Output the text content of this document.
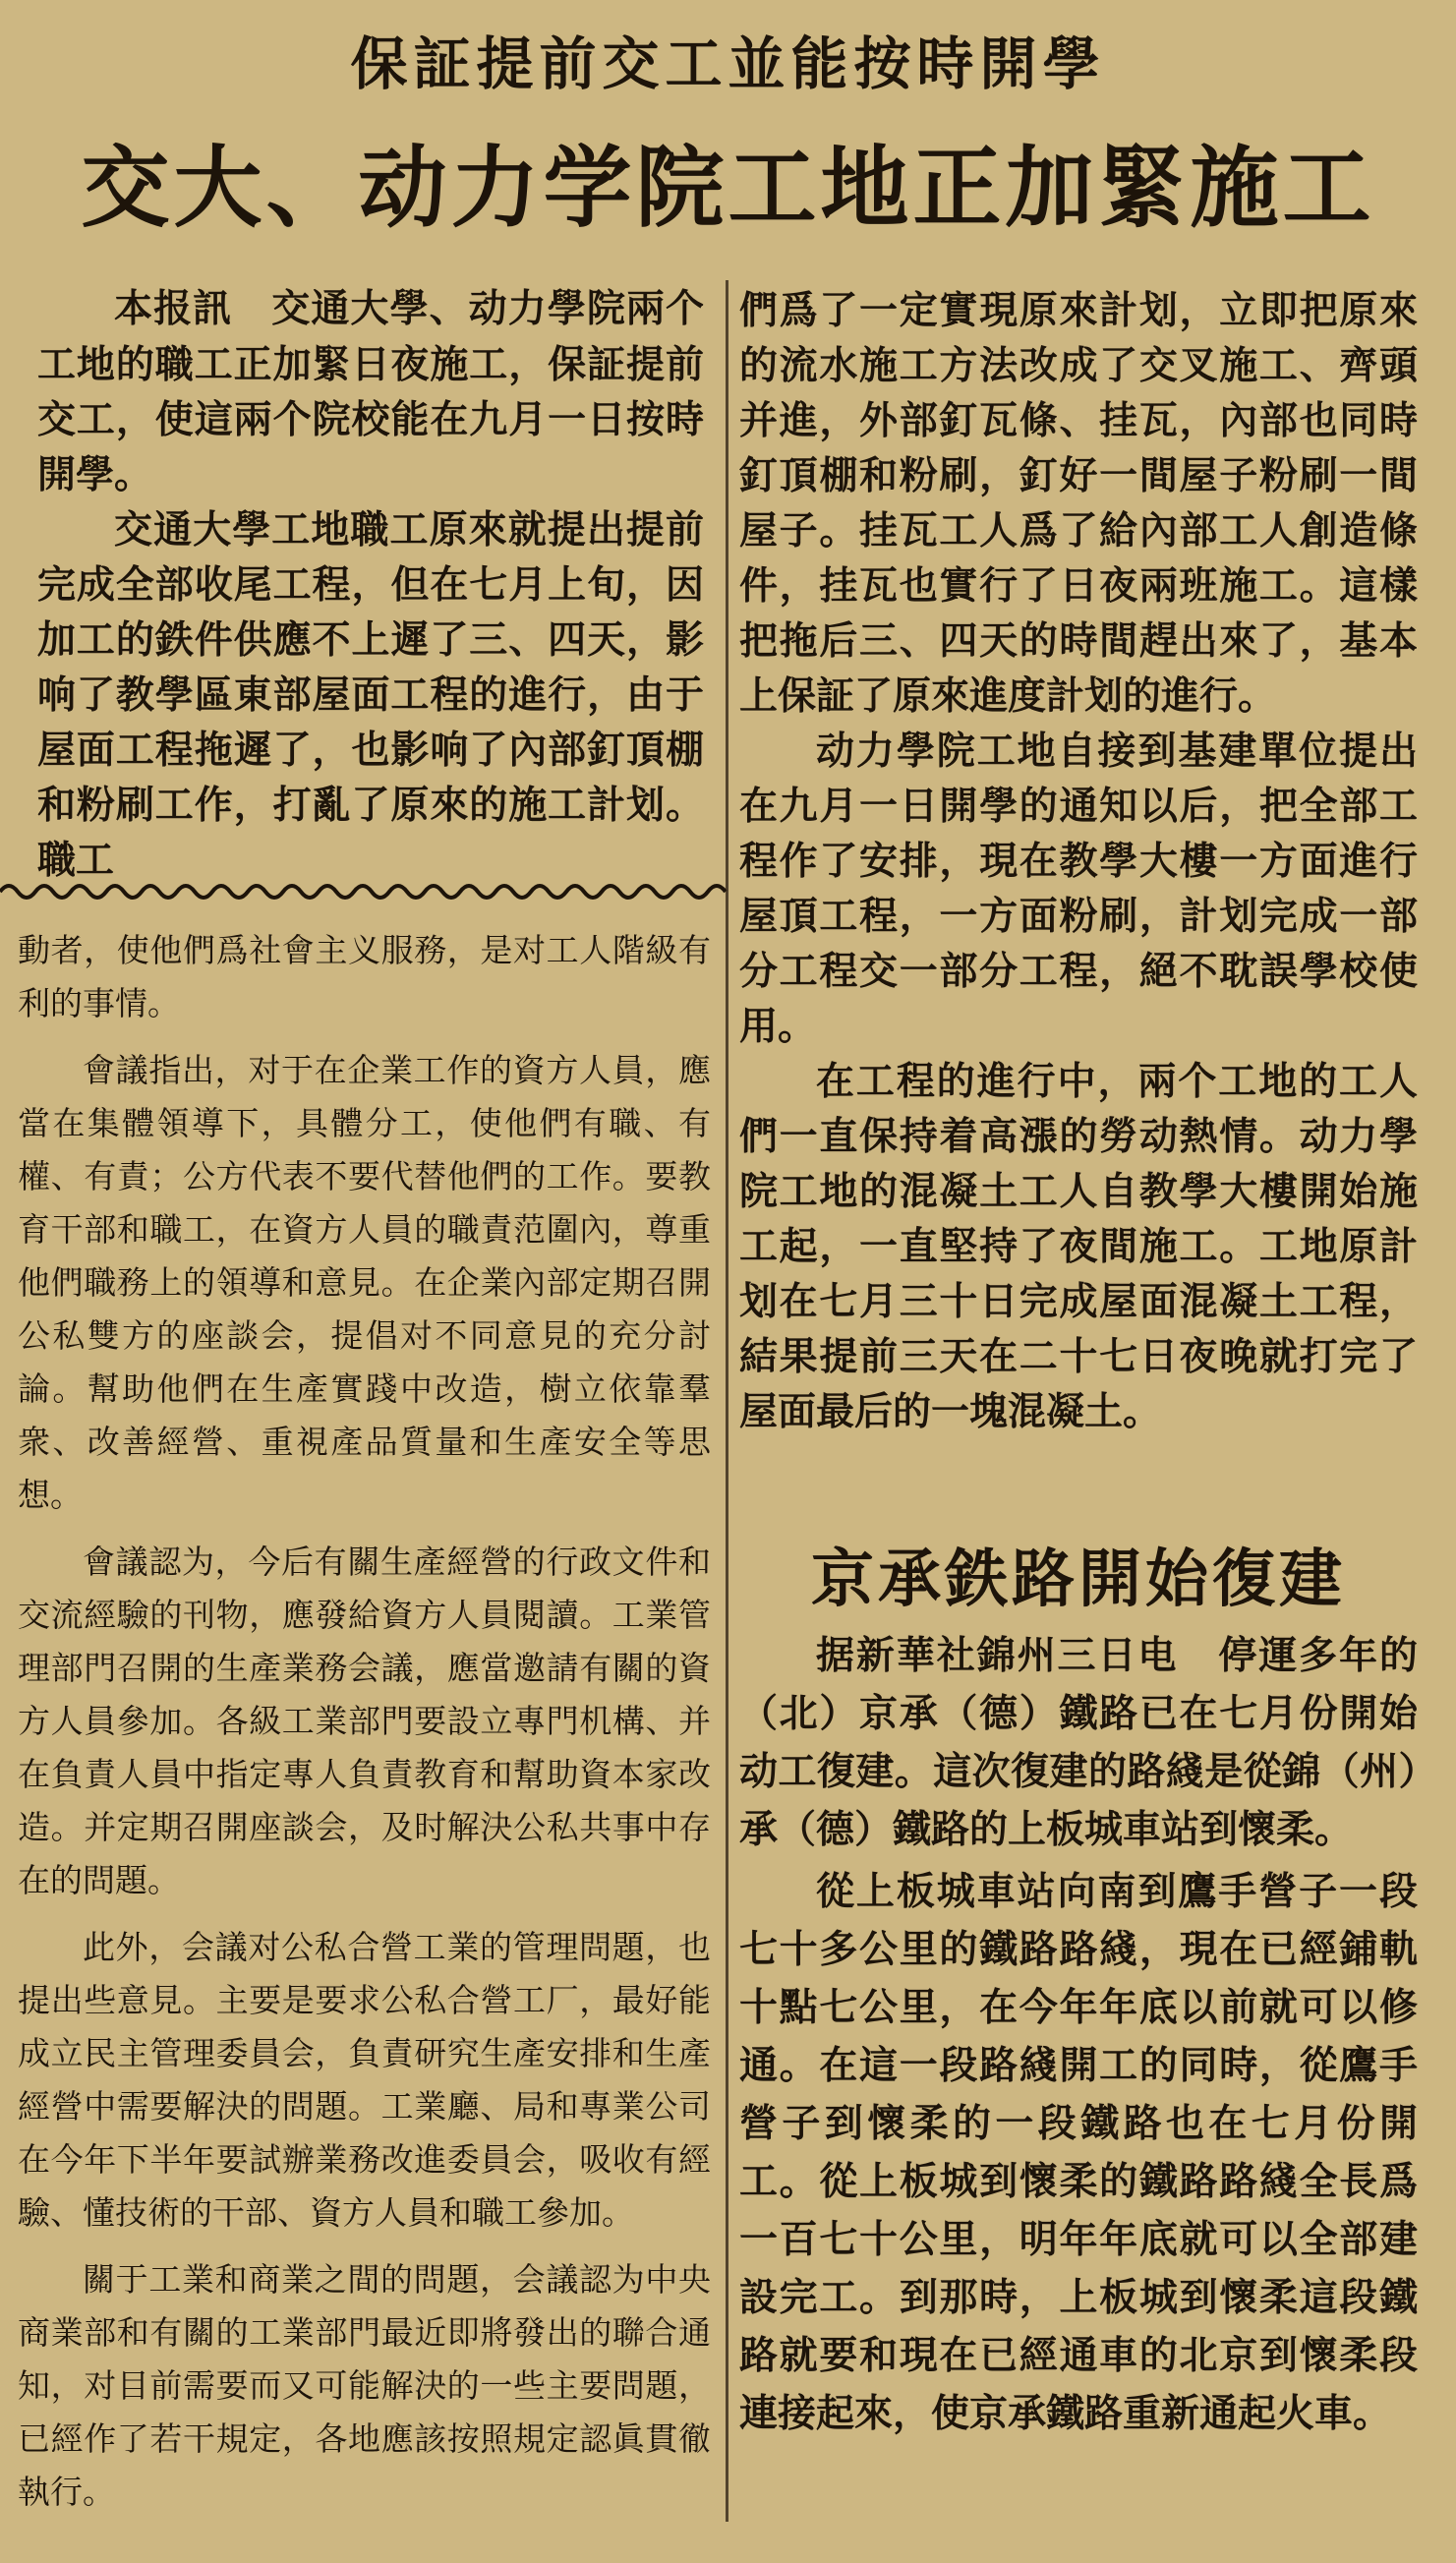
保証提前交工並能按時開學
交大、动力学院工地正加緊施工

本报訊　 交通大學、动力學院兩个工地的職工正加緊日夜施工，保証提前交工，使這兩个院校能在九月一日按時開學。

交通大學工地職工原來就提出提前完成全部收尾工程，但在七月上旬，因加工的鉄件供應不上遲了三、四天，影响了教學區東部屋面工程的進行，由于屋面工程拖遲了，也影响了內部釘頂棚和粉刷工作，打亂了原來的施工計划。職工

動者，使他們爲社會主义服務，是对工人階級有利的事情。

會議指出，对于在企業工作的資方人員，應當在集體領導下，具體分工，使他們有職、有權、有責；公方代表不要代替他們的工作。要教育干部和職工，在資方人員的職責范圍內，尊重他們職務上的領導和意見。在企業內部定期召開公私雙方的座談会，提倡对不同意見的充分討論。幫助他們在生產實踐中改造，樹立依靠羣衆、改善經營、重視產品質量和生產安全等思想。

會議認为，今后有關生產經營的行政文件和交流經驗的刊物，應發給資方人員閱讀。工業管理部門召開的生產業務会議，應當邀請有關的資方人員參加。各級工業部門要設立專門机構、并在負責人員中指定專人負責教育和幫助資本家改造。并定期召開座談会，及时解決公私共事中存在的問題。

此外，会議对公私合營工業的管理問題，也提出些意見。主要是要求公私合營工厂，最好能成立民主管理委員会，負責研究生產安排和生產經營中需要解決的問題。工業廳、局和專業公司在今年下半年要試辦業務改進委員会，吸收有經驗、懂技術的干部、資方人員和職工參加。

關于工業和商業之間的問題，会議認为中央商業部和有關的工業部門最近即將發出的聯合通知，对目前需要而又可能解決的一些主要問題，已經作了若干規定，各地應該按照規定認眞貫徹執行。

們爲了一定實現原來計划，立即把原來的流水施工方法改成了交叉施工、齊頭并進，外部釘瓦條、挂瓦，內部也同時釘頂棚和粉刷，釘好一間屋子粉刷一間屋子。挂瓦工人爲了給內部工人創造條件，挂瓦也實行了日夜兩班施工。這樣把拖后三、四天的時間趕出來了，基本上保証了原來進度計划的進行。

动力學院工地自接到基建單位提出在九月一日開學的通知以后，把全部工程作了安排，現在教學大樓一方面進行屋頂工程，一方面粉刷，計划完成一部分工程交一部分工程，絕不耽誤學校使用。

在工程的進行中，兩个工地的工人們一直保持着高漲的勞动熱情。动力學院工地的混凝土工人自教學大樓開始施工起，一直堅持了夜間施工。工地原計划在七月三十日完成屋面混凝土工程，結果提前三天在二十七日夜晚就打完了屋面最后的一塊混凝土。

京承鉄路開始復建

据新華社錦州三日电　 停運多年的（北）京承（德）鐵路已在七月份開始动工復建。這次復建的路綫是從錦（州）承（德）鐵路的上板城車站到懷柔。

從上板城車站向南到鷹手營子一段七十多公里的鐵路路綫，現在已經鋪軌十點七公里，在今年年底以前就可以修通。在這一段路綫開工的同時，從鷹手營子到懷柔的一段鐵路也在七月份開工。從上板城到懷柔的鐵路路綫全長爲一百七十公里，明年年底就可以全部建設完工。到那時，上板城到懷柔這段鐵路就要和現在已經通車的北京到懷柔段連接起來，使京承鐵路重新通起火車。
